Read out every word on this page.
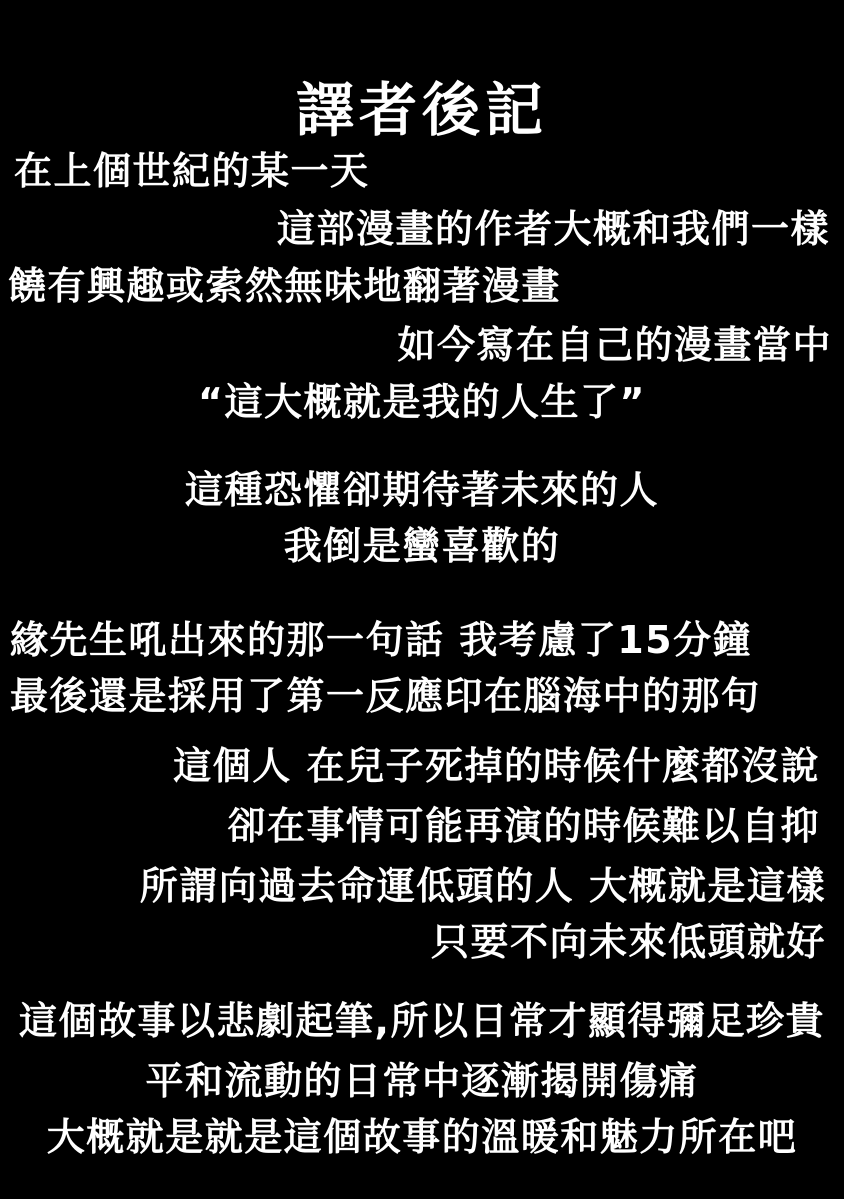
譯者後記
在上個世紀的某一天
這部漫畫的作者大概和我們一樣
饒有興趣或索然無味地翻著漫畫
如今寫在自己的漫畫當中
“這大概就是我的人生了”
這種恐懼卻期待著未來的人
我倒是蠻喜歡的
緣先生吼出來的那一句話 我考慮了15分鐘
最後還是採用了第一反應印在腦海中的那句
這個人 在兒子死掉的時候什麼都沒說
卻在事情可能再演的時候難以自抑
所謂向過去命運低頭的人 大概就是這樣
只要不向未來低頭就好
這個故事以悲劇起筆,所以日常才顯得彌足珍貴
平和流動的日常中逐漸揭開傷痛
大概就是就是這個故事的溫暖和魅力所在吧
